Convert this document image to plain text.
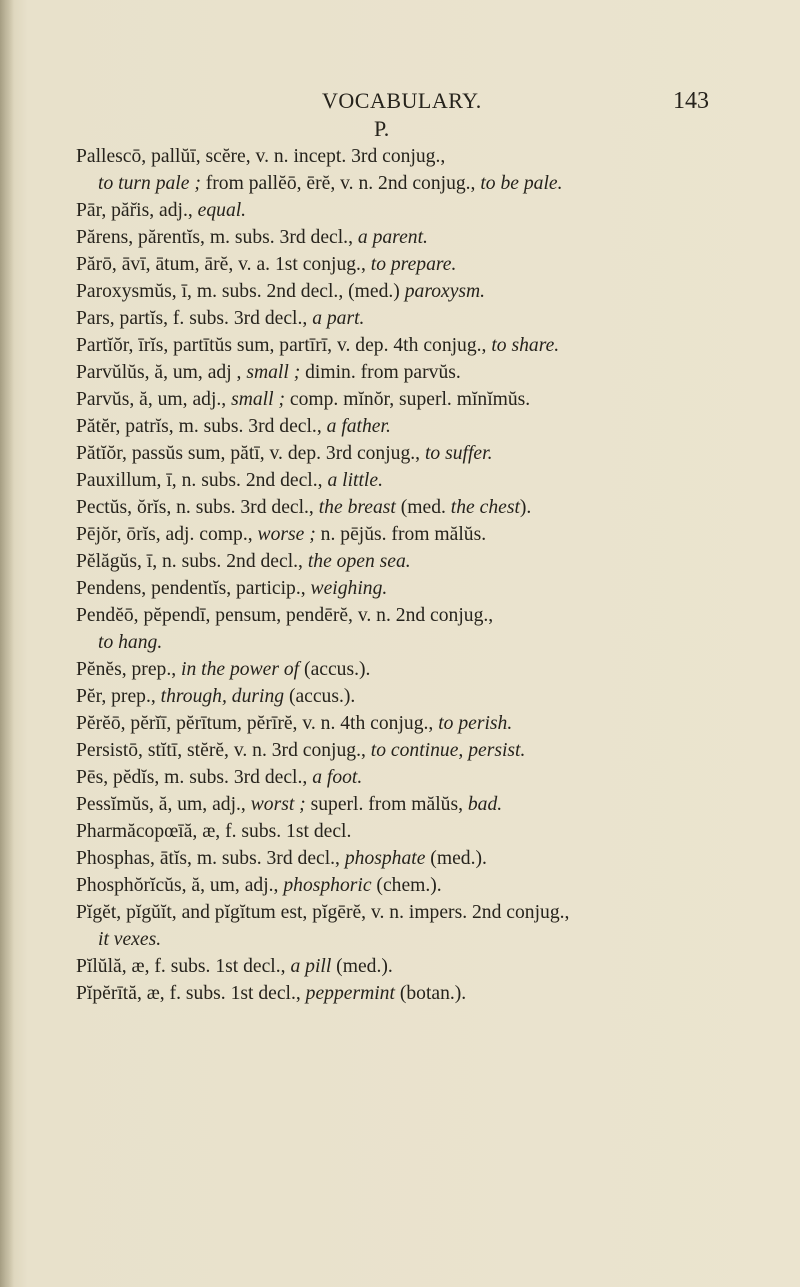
VOCABULARY.	143
P.

Pallescō, pallŭī, scĕre, v. n. incept. 3rd conjug.,
to turn pale ; from pallĕō, ērĕ, v. n. 2nd conjug., to be pale.

Pār, păr̆is, adj., equal.

Părens, părentĭs, m. subs. 3rd decl., a parent.

Părō, āvī, ātum, ārĕ, v. a. 1st conjug., to prepare.

Paroxysmŭs, ī, m. subs. 2nd decl., (med.) paroxysm.

Pars, partĭs, f. subs. 3rd decl., a part.

Partĭŏr, īrĭs, partītŭs sum, partīrī, v. dep. 4th conjug., to share.

Parvŭlŭs, ă, um, adj , small ; dimin. from parvŭs.

Parvŭs, ă, um, adj., small ; comp. mĭnŏr, superl. mĭnĭmŭs.

Pătĕr, patrĭs, m. subs. 3rd decl., a father.

Pătĭŏr, passŭs sum, pătī, v. dep. 3rd conjug., to suffer.

Pauxillum, ī, n. subs. 2nd decl., a little.

Pectŭs, ŏrĭs, n. subs. 3rd decl., the breast (med. the chest).

Pējŏr, ōrĭs, adj. comp., worse ; n. pējŭs. from mălŭs.

Pĕlăgŭs, ī, n. subs. 2nd decl., the open sea.

Pendens, pendentĭs, particip., weighing.

Pendĕō, pĕpendī, pensum, pendērĕ, v. n. 2nd conjug.,
to hang.

Pĕnĕs, prep., in the power of (accus.).

Pĕr, prep., through, during (accus.).

Pĕrĕō, pĕrĭī, pĕrītum, pĕrīrĕ, v. n. 4th conjug., to perish.

Persistō, stĭtī, stĕrĕ, v. n. 3rd conjug., to continue, persist.

Pēs, pĕdĭs, m. subs. 3rd decl., a foot.

Pessĭmŭs, ă, um, adj., worst ; superl. from mălŭs, bad.

Pharmăcopœīă, æ, f. subs. 1st decl.

Phosphas, ātĭs, m. subs. 3rd decl., phosphate (med.).

Phosphŏrĭcŭs, ă, um, adj., phosphoric (chem.).

Pĭgĕt, pĭgŭĭt, and pĭgĭtum est, pĭgērĕ, v. n. impers. 2nd conjug.,
it vexes.

Pĭlŭlă, æ, f. subs. 1st decl., a pill (med.).

Pĭpĕrītă, æ, f. subs. 1st decl., peppermint (botan.).
